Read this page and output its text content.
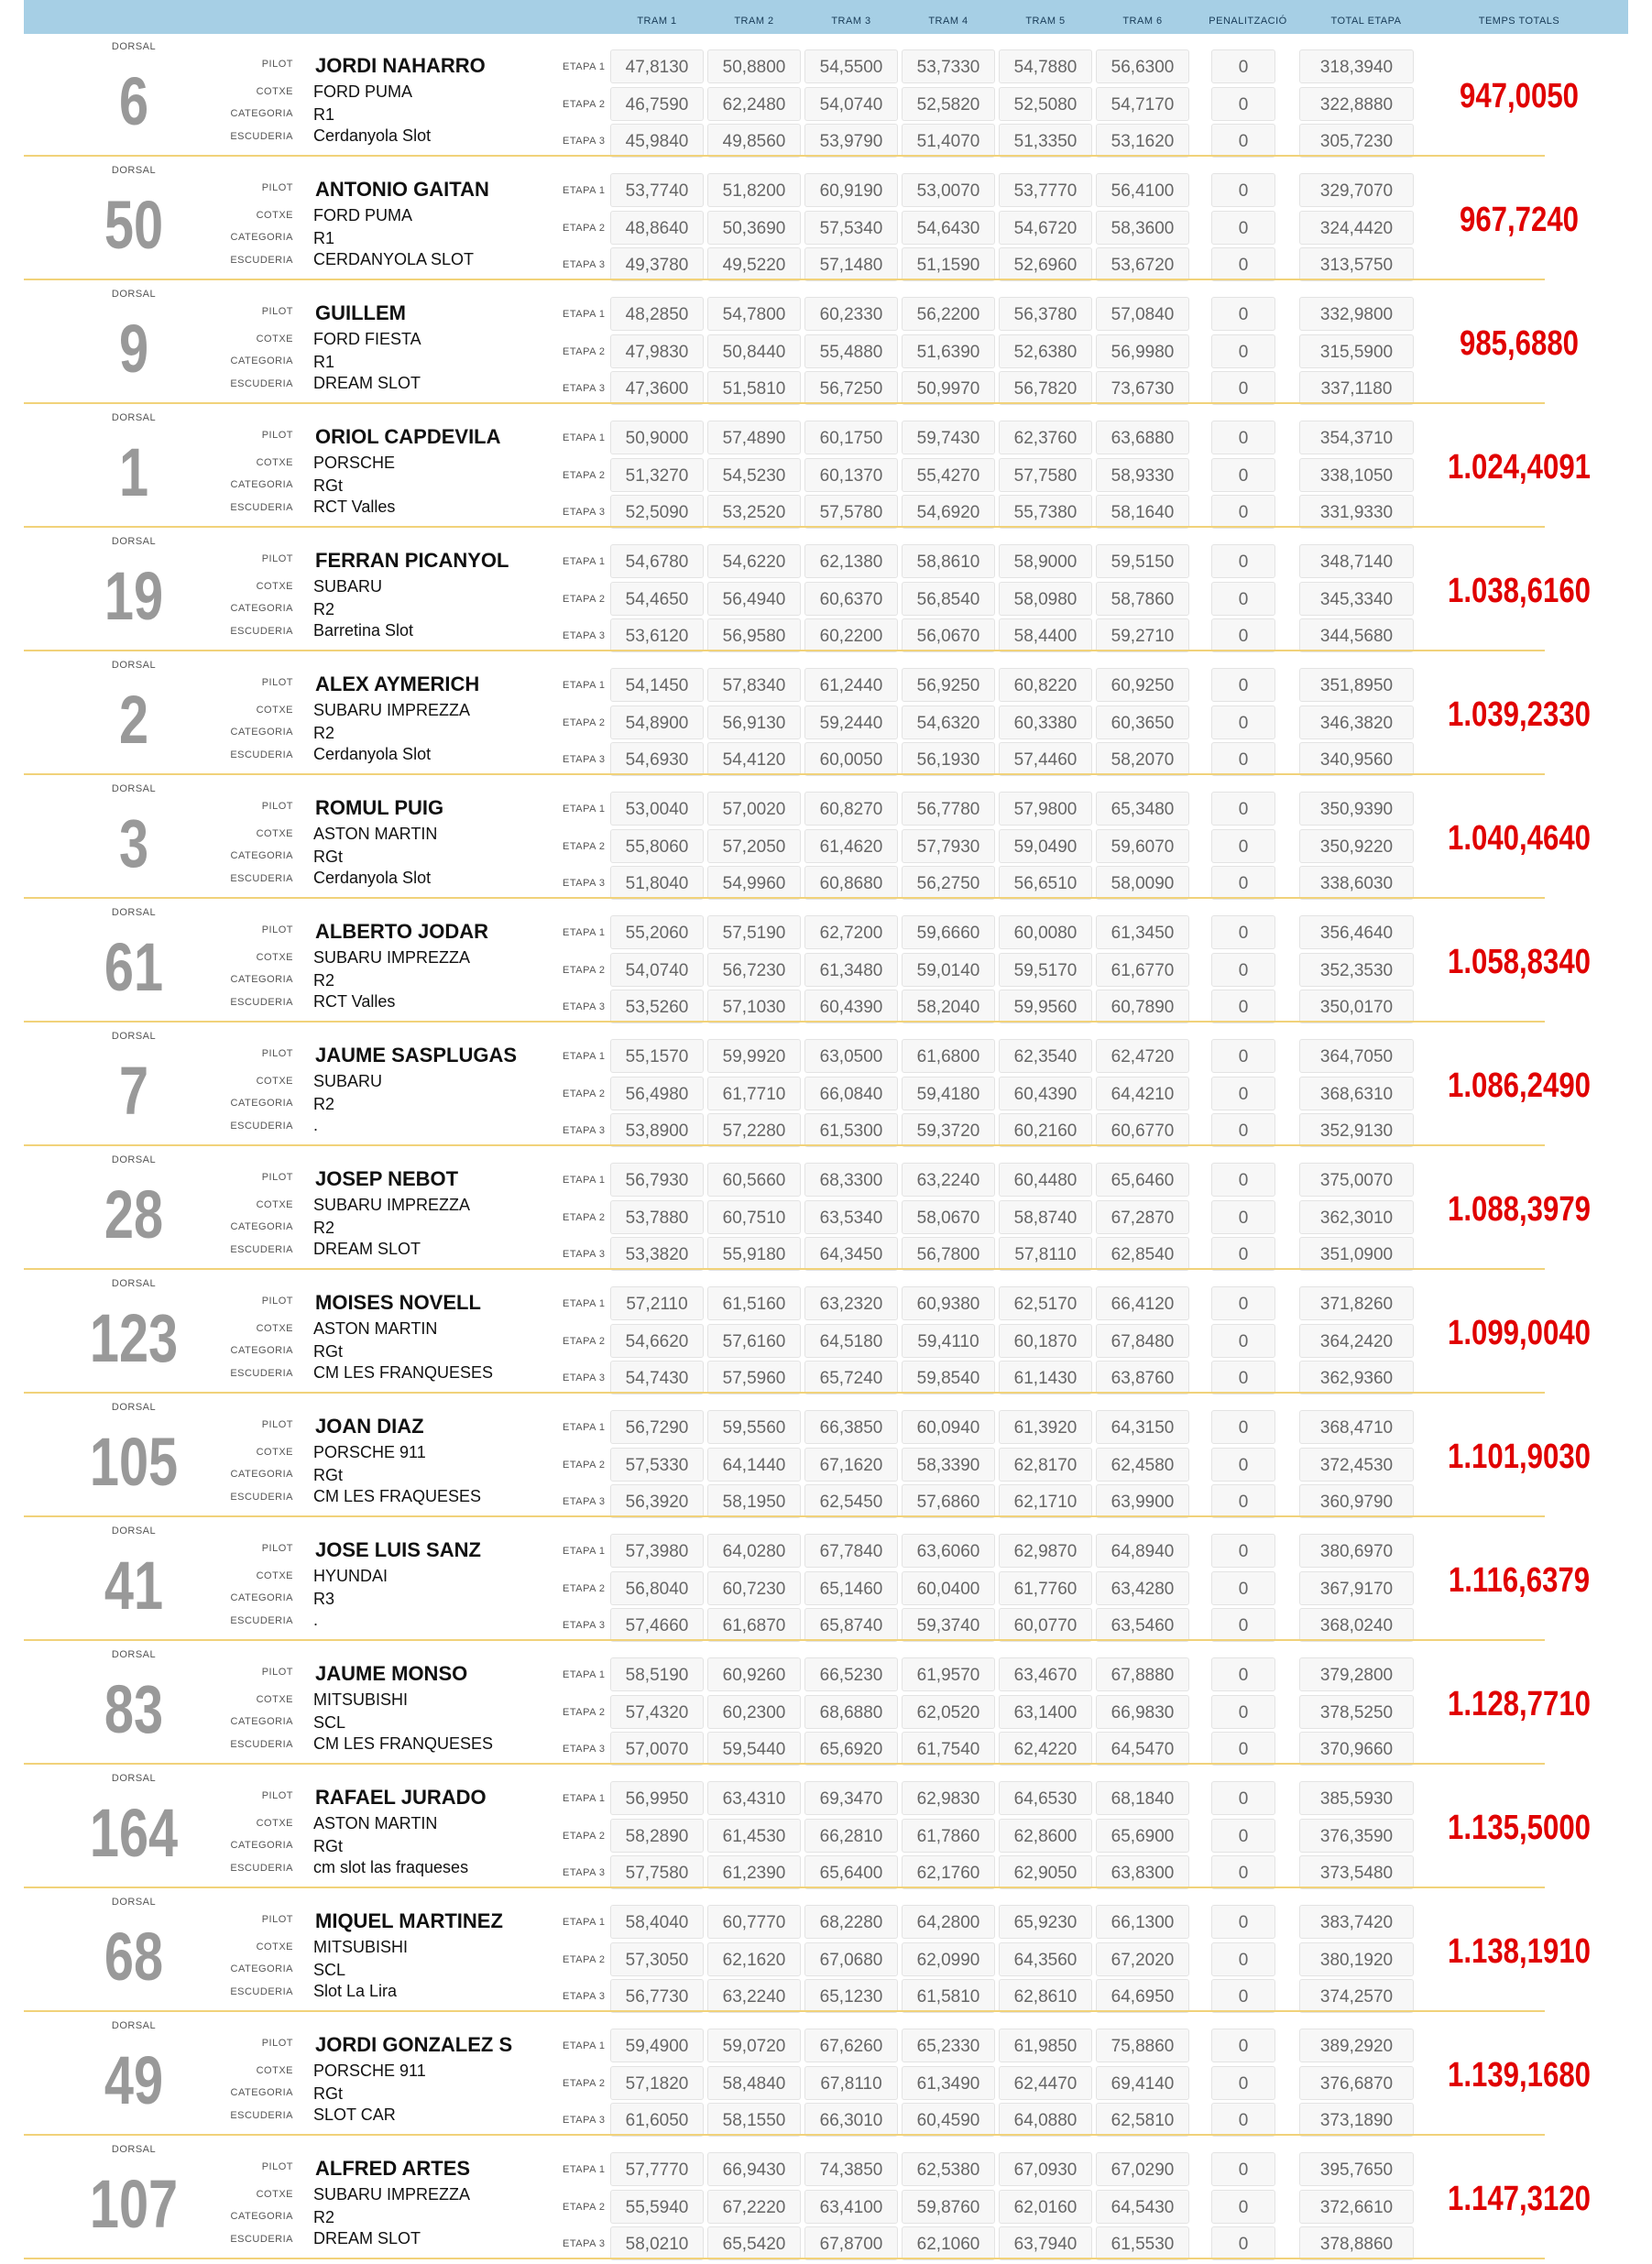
TRAM 1	TRAM 2	TRAM 3	TRAM 4	TRAM 5	TRAM 6	PENALITZACIÓ	TOTAL ETAPA	TEMPS TOTALS
DORSAL
6	PILOT JORDI NAHARRO
COTXE FORD PUMA
CATEGORIA R1
ESCUDERIA Cerdanyola Slot
ETAPA 1	47,8130	50,8800	54,5500	53,7330	54,7880	56,6300	0	318,3940
ETAPA 2	46,7590	62,2480	54,0740	52,5820	52,5080	54,7170	0	322,8880
ETAPA 3	45,9840	49,8560	53,9790	51,4070	51,3350	53,1620	0	305,7230
947,0050
DORSAL
50	PILOT ANTONIO GAITAN
COTXE FORD PUMA
CATEGORIA R1
ESCUDERIA CERDANYOLA SLOT
ETAPA 1	53,7740	51,8200	60,9190	53,0070	53,7770	56,4100	0	329,7070
ETAPA 2	48,8640	50,3690	57,5340	54,6430	54,6720	58,3600	0	324,4420
ETAPA 3	49,3780	49,5220	57,1480	51,1590	52,6960	53,6720	0	313,5750
967,7240
DORSAL
9	PILOT GUILLEM
COTXE FORD FIESTA
CATEGORIA R1
ESCUDERIA DREAM SLOT
ETAPA 1	48,2850	54,7800	60,2330	56,2200	56,3780	57,0840	0	332,9800
ETAPA 2	47,9830	50,8440	55,4880	51,6390	52,6380	56,9980	0	315,5900
ETAPA 3	47,3600	51,5810	56,7250	50,9970	56,7820	73,6730	0	337,1180
985,6880
DORSAL
1	PILOT ORIOL CAPDEVILA
COTXE PORSCHE
CATEGORIA RGt
ESCUDERIA RCT Valles
ETAPA 1	50,9000	57,4890	60,1750	59,7430	62,3760	63,6880	0	354,3710
ETAPA 2	51,3270	54,5230	60,1370	55,4270	57,7580	58,9330	0	338,1050
ETAPA 3	52,5090	53,2520	57,5780	54,6920	55,7380	58,1640	0	331,9330
1.024,4091
DORSAL
19	PILOT FERRAN PICANYOL
COTXE SUBARU
CATEGORIA R2
ESCUDERIA Barretina Slot
ETAPA 1	54,6780	54,6220	62,1380	58,8610	58,9000	59,5150	0	348,7140
ETAPA 2	54,4650	56,4940	60,6370	56,8540	58,0980	58,7860	0	345,3340
ETAPA 3	53,6120	56,9580	60,2200	56,0670	58,4400	59,2710	0	344,5680
1.038,6160
DORSAL
2	PILOT ALEX AYMERICH
COTXE SUBARU IMPREZZA
CATEGORIA R2
ESCUDERIA Cerdanyola Slot
ETAPA 1	54,1450	57,8340	61,2440	56,9250	60,8220	60,9250	0	351,8950
ETAPA 2	54,8900	56,9130	59,2440	54,6320	60,3380	60,3650	0	346,3820
ETAPA 3	54,6930	54,4120	60,0050	56,1930	57,4460	58,2070	0	340,9560
1.039,2330
DORSAL
3	PILOT ROMUL PUIG
COTXE ASTON MARTIN
CATEGORIA RGt
ESCUDERIA Cerdanyola Slot
ETAPA 1	53,0040	57,0020	60,8270	56,7780	57,9800	65,3480	0	350,9390
ETAPA 2	55,8060	57,2050	61,4620	57,7930	59,0490	59,6070	0	350,9220
ETAPA 3	51,8040	54,9960	60,8680	56,2750	56,6510	58,0090	0	338,6030
1.040,4640
DORSAL
61	PILOT ALBERTO JODAR
COTXE SUBARU IMPREZZA
CATEGORIA R2
ESCUDERIA RCT Valles
ETAPA 1	55,2060	57,5190	62,7200	59,6660	60,0080	61,3450	0	356,4640
ETAPA 2	54,0740	56,7230	61,3480	59,0140	59,5170	61,6770	0	352,3530
ETAPA 3	53,5260	57,1030	60,4390	58,2040	59,9560	60,7890	0	350,0170
1.058,8340
DORSAL
7	PILOT JAUME SASPLUGAS
COTXE SUBARU
CATEGORIA R2
ESCUDERIA .
ETAPA 1	55,1570	59,9920	63,0500	61,6800	62,3540	62,4720	0	364,7050
ETAPA 2	56,4980	61,7710	66,0840	59,4180	60,4390	64,4210	0	368,6310
ETAPA 3	53,8900	57,2280	61,5300	59,3720	60,2160	60,6770	0	352,9130
1.086,2490
DORSAL
28	PILOT JOSEP NEBOT
COTXE SUBARU IMPREZZA
CATEGORIA R2
ESCUDERIA DREAM SLOT
ETAPA 1	56,7930	60,5660	68,3300	63,2240	60,4480	65,6460	0	375,0070
ETAPA 2	53,7880	60,7510	63,5340	58,0670	58,8740	67,2870	0	362,3010
ETAPA 3	53,3820	55,9180	64,3450	56,7800	57,8110	62,8540	0	351,0900
1.088,3979
DORSAL
123	PILOT MOISES NOVELL
COTXE ASTON MARTIN
CATEGORIA RGt
ESCUDERIA CM LES FRANQUESES
ETAPA 1	57,2110	61,5160	63,2320	60,9380	62,5170	66,4120	0	371,8260
ETAPA 2	54,6620	57,6160	64,5180	59,4110	60,1870	67,8480	0	364,2420
ETAPA 3	54,7430	57,5960	65,7240	59,8540	61,1430	63,8760	0	362,9360
1.099,0040
DORSAL
105	PILOT JOAN DIAZ
COTXE PORSCHE 911
CATEGORIA RGt
ESCUDERIA CM LES FRAQUESES
ETAPA 1	56,7290	59,5560	66,3850	60,0940	61,3920	64,3150	0	368,4710
ETAPA 2	57,5330	64,1440	67,1620	58,3390	62,8170	62,4580	0	372,4530
ETAPA 3	56,3920	58,1950	62,5450	57,6860	62,1710	63,9900	0	360,9790
1.101,9030
DORSAL
41	PILOT JOSE LUIS SANZ
COTXE HYUNDAI
CATEGORIA R3
ESCUDERIA .
ETAPA 1	57,3980	64,0280	67,7840	63,6060	62,9870	64,8940	0	380,6970
ETAPA 2	56,8040	60,7230	65,1460	60,0400	61,7760	63,4280	0	367,9170
ETAPA 3	57,4660	61,6870	65,8740	59,3740	60,0770	63,5460	0	368,0240
1.116,6379
DORSAL
83	PILOT JAUME MONSO
COTXE MITSUBISHI
CATEGORIA SCL
ESCUDERIA CM LES FRANQUESES
ETAPA 1	58,5190	60,9260	66,5230	61,9570	63,4670	67,8880	0	379,2800
ETAPA 2	57,4320	60,2300	68,6880	62,0520	63,1400	66,9830	0	378,5250
ETAPA 3	57,0070	59,5440	65,6920	61,7540	62,4220	64,5470	0	370,9660
1.128,7710
DORSAL
164	PILOT RAFAEL JURADO
COTXE ASTON MARTIN
CATEGORIA RGt
ESCUDERIA cm slot las fraqueses
ETAPA 1	56,9950	63,4310	69,3470	62,9830	64,6530	68,1840	0	385,5930
ETAPA 2	58,2890	61,4530	66,2810	61,7860	62,8600	65,6900	0	376,3590
ETAPA 3	57,7580	61,2390	65,6400	62,1760	62,9050	63,8300	0	373,5480
1.135,5000
DORSAL
68	PILOT MIQUEL MARTINEZ
COTXE MITSUBISHI
CATEGORIA SCL
ESCUDERIA Slot La Lira
ETAPA 1	58,4040	60,7770	68,2280	64,2800	65,9230	66,1300	0	383,7420
ETAPA 2	57,3050	62,1620	67,0680	62,0990	64,3560	67,2020	0	380,1920
ETAPA 3	56,7730	63,2240	65,1230	61,5810	62,8610	64,6950	0	374,2570
1.138,1910
DORSAL
49	PILOT JORDI GONZALEZ S
COTXE PORSCHE 911
CATEGORIA RGt
ESCUDERIA SLOT CAR
ETAPA 1	59,4900	59,0720	67,6260	65,2330	61,9850	75,8860	0	389,2920
ETAPA 2	57,1820	58,4840	67,8110	61,3490	62,4470	69,4140	0	376,6870
ETAPA 3	61,6050	58,1550	66,3010	60,4590	64,0880	62,5810	0	373,1890
1.139,1680
DORSAL
107	PILOT ALFRED ARTES
COTXE SUBARU IMPREZZA
CATEGORIA R2
ESCUDERIA DREAM SLOT
ETAPA 1	57,7770	66,9430	74,3850	62,5380	67,0930	67,0290	0	395,7650
ETAPA 2	55,5940	67,2220	63,4100	59,8760	62,0160	64,5430	0	372,6610
ETAPA 3	58,0210	65,5420	67,8700	62,1060	63,7940	61,5530	0	378,8860
1.147,3120
